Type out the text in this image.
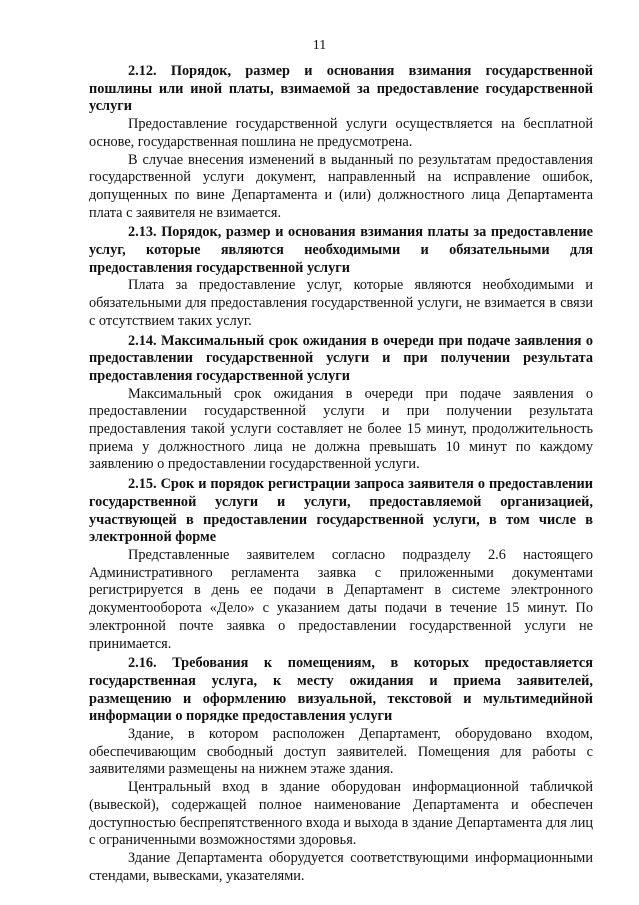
11

2.12. Порядок, размер и основания взимания государственной пошлины или иной платы, взимаемой за предоставление государственной услуги

Предоставление государственной услуги осуществляется на бесплатной основе, государственная пошлина не предусмотрена.

В случае внесения изменений в выданный по результатам предоставления государственной услуги документ, направленный на исправление ошибок, допущенных по вине Департамента и (или) должностного лица Департамента плата с заявителя не взимается.

2.13. Порядок, размер и основания взимания платы за предоставление услуг, которые являются необходимыми и обязательными для предоставления государственной услуги

Плата за предоставление услуг, которые являются необходимыми и обязательными для предоставления государственной услуги, не взимается в связи с отсутствием таких услуг.

2.14. Максимальный срок ожидания в очереди при подаче заявления о предоставлении государственной услуги и при получении результата предоставления государственной услуги

Максимальный срок ожидания в очереди при подаче заявления о предоставлении государственной услуги и при получении результата предоставления такой услуги составляет не более 15 минут, продолжительность приема у должностного лица не должна превышать 10 минут по каждому заявлению о предоставлении государственной услуги.

2.15. Срок и порядок регистрации запроса заявителя о предоставлении государственной услуги и услуги, предоставляемой организацией, участвующей в предоставлении государственной услуги, в том числе в электронной форме

Представленные заявителем согласно подразделу 2.6 настоящего Административного регламента заявка с приложенными документами регистрируется в день ее подачи в Департамент в системе электронного документооборота «Дело» с указанием даты подачи в течение 15 минут. По электронной почте заявка о предоставлении государственной услуги не принимается.

2.16. Требования к помещениям, в которых предоставляется государственная услуга, к месту ожидания и приема заявителей, размещению и оформлению визуальной, текстовой и мультимедийной информации о порядке предоставления услуги

Здание, в котором расположен Департамент, оборудовано входом, обеспечивающим свободный доступ заявителей. Помещения для работы с заявителями размещены на нижнем этаже здания.

Центральный вход в здание оборудован информационной табличкой (вывеской), содержащей полное наименование Департамента и обеспечен доступностью беспрепятственного входа и выхода в здание Департамента для лиц с ограниченными возможностями здоровья.

Здание Департамента оборудуется соответствующими информационными стендами, вывесками, указателями.
